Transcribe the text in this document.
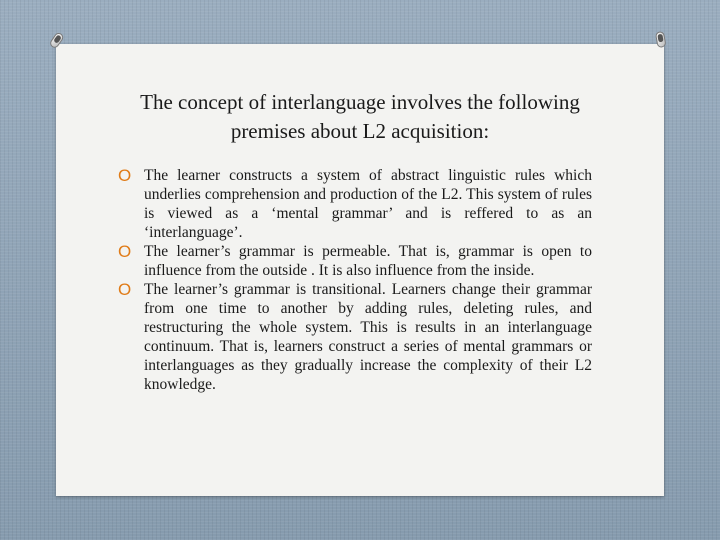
The concept of interlanguage involves the following
premises about L2 acquisition:
O The learner constructs a system of abstract linguistic rules which underlies comprehension and production of the L2. This system of rules is viewed as a ‘mental grammar’ and is reffered to as an ‘interlanguage’.
O The learner’s grammar is permeable. That is, grammar is open to influence from the outside . It is also influence from the inside.
O The learner’s grammar is transitional. Learners change their grammar from one time to another by adding rules, deleting rules, and restructuring the whole system. This is results in an interlanguage continuum. That is, learners construct a series of mental grammars or interlanguages as they gradually increase the complexity of their L2 knowledge.
